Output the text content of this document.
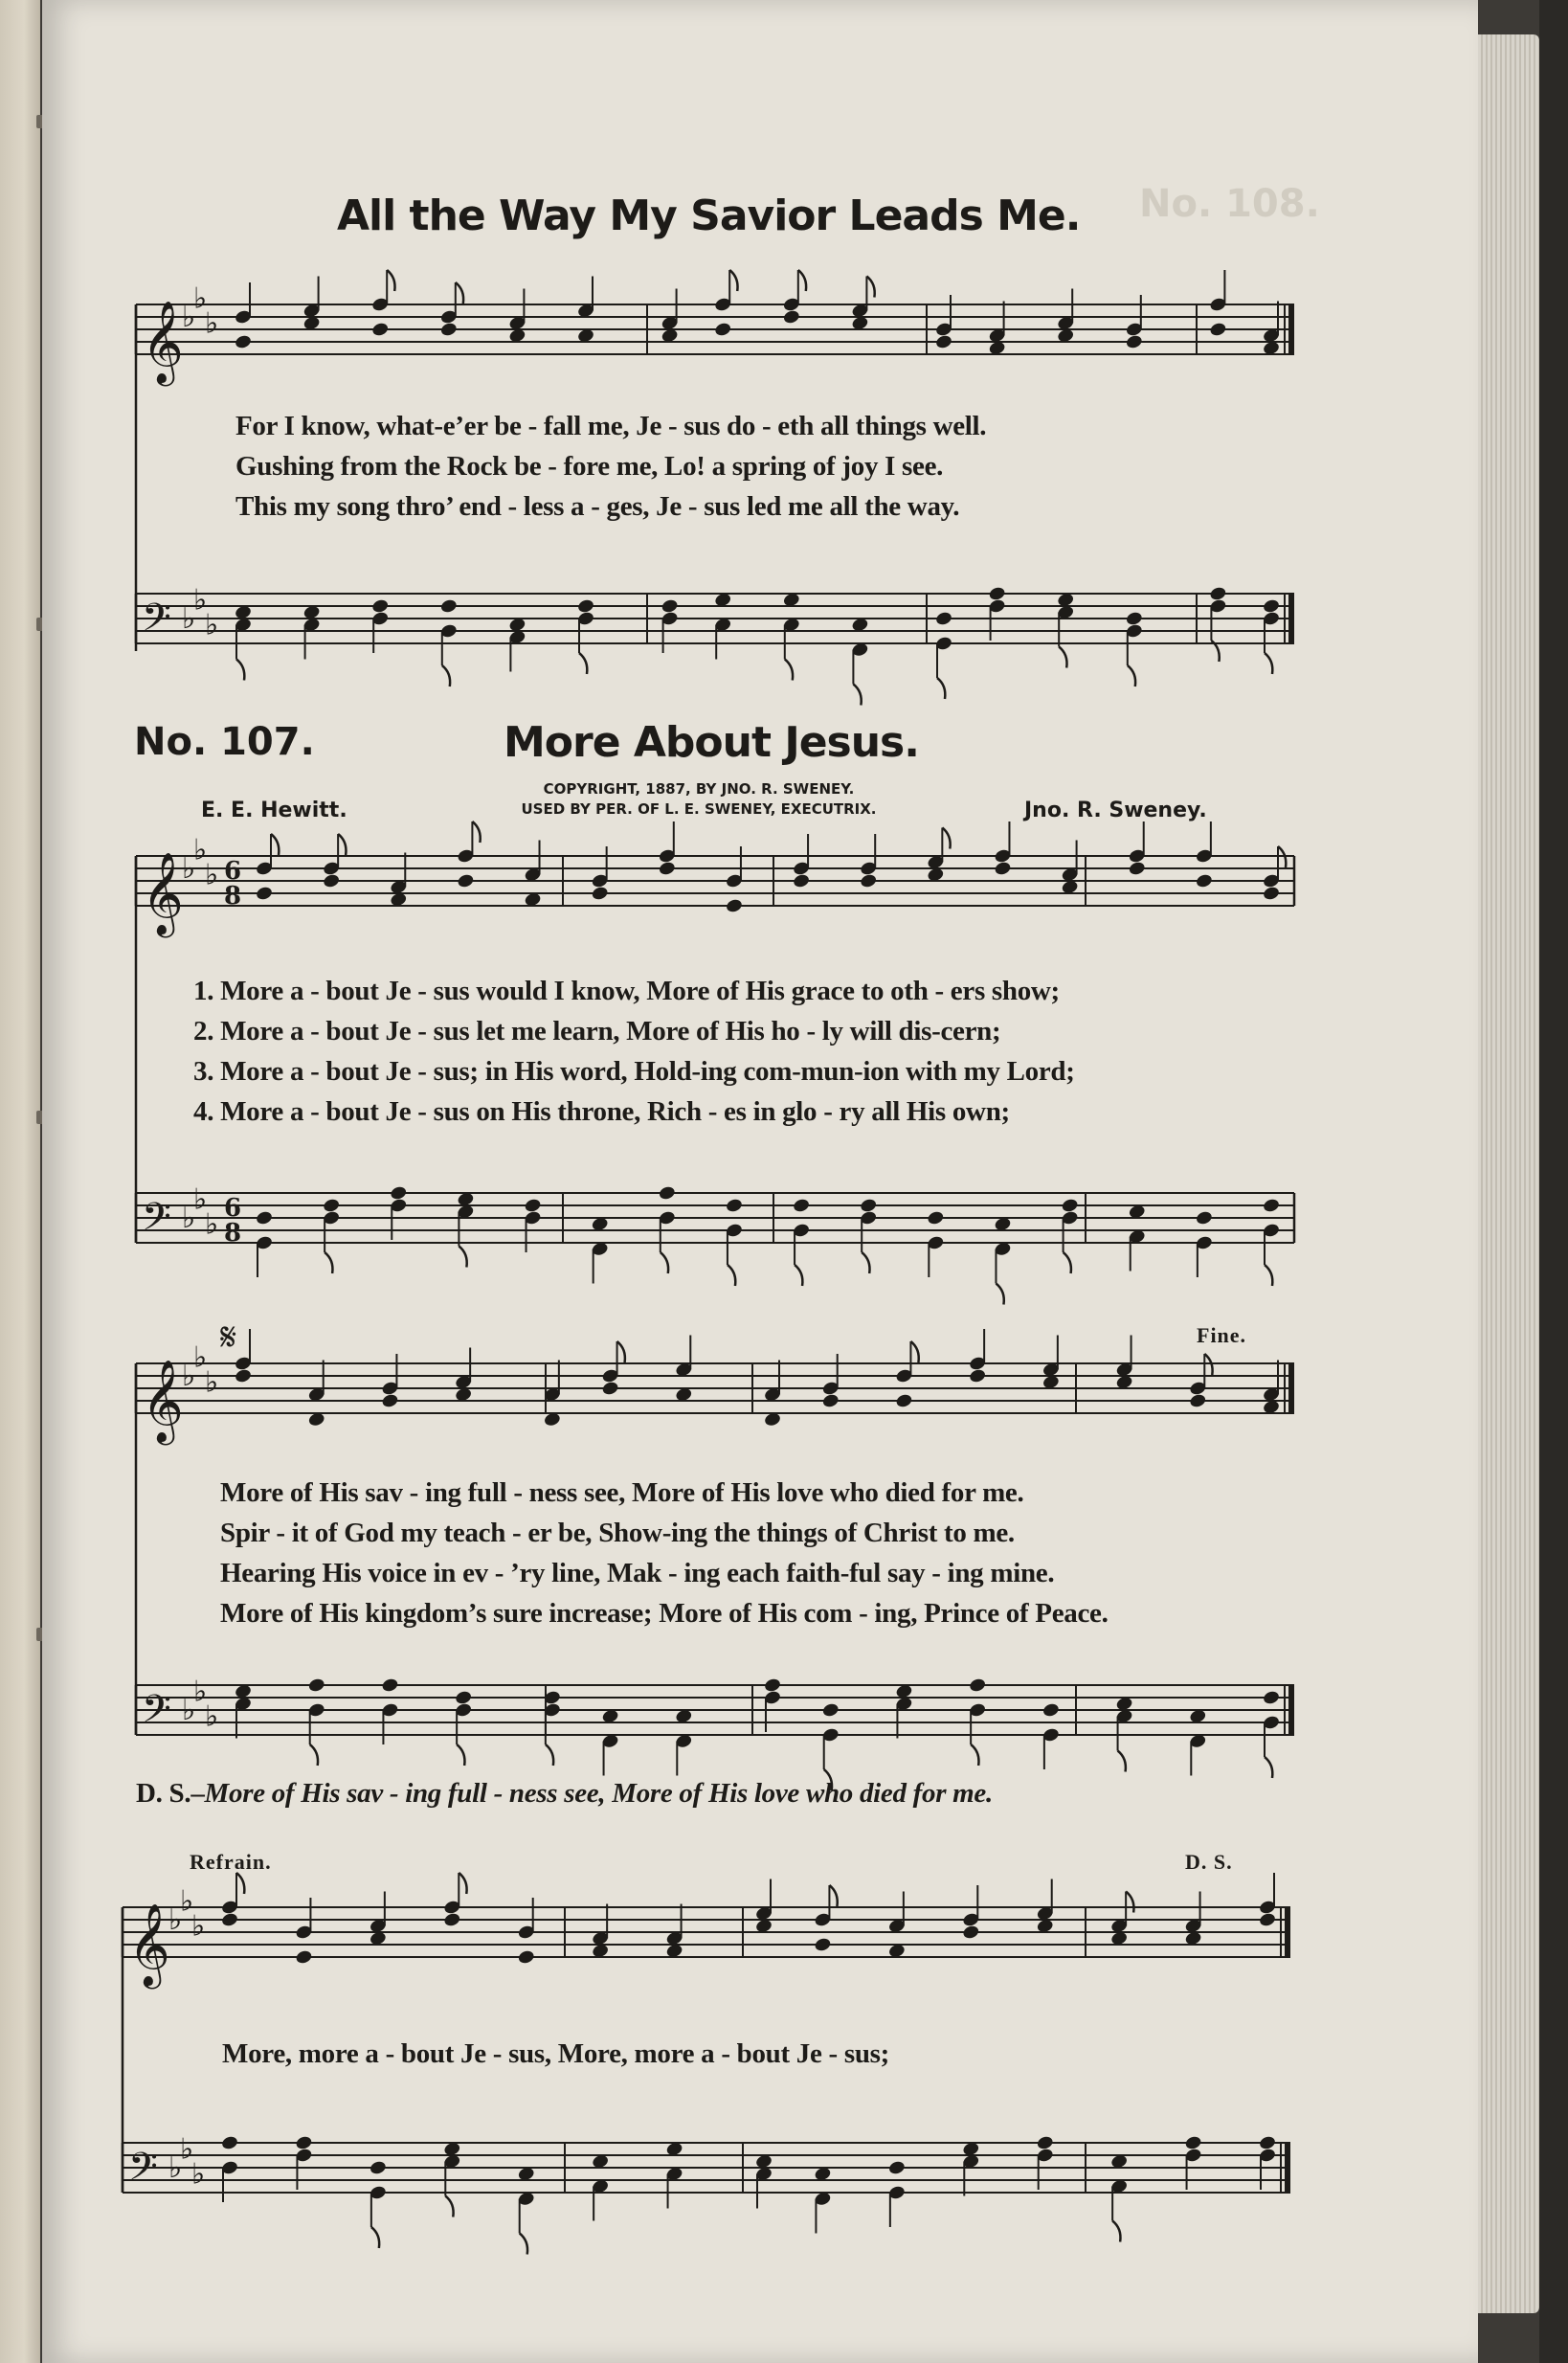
No. 108.
𝄞
♭
♭
♭
𝄢 ♭
♭
♭
𝄞
♭
♭
♭ 6
8
𝄢 ♭
♭
♭ 6
8
𝄞
♭
♭
♭
𝄢 ♭
♭
♭
𝄞
♭
♭
♭
𝄢 ♭
♭
♭
𝄋
All the Way My Savior Leads Me.
For I know, what-e’er be - fall me, Je - sus do - eth all things well.
Gushing from the Rock be - fore me, Lo! a spring of joy I see.
This my song thro’ end - less a - ges, Je - sus led me all the way.
No. 107.	More About Jesus.
COPYRIGHT, 1887, BY JNO. R. SWENEY.
USED BY PER. OF L. E. SWENEY, EXECUTRIX.
E. E. Hewitt.	Jno. R. Sweney.
1. More a - bout Je - sus would I know, More of His grace to oth - ers show;
2. More a - bout Je - sus let me learn, More of His ho - ly will dis-cern;
3. More a - bout Je - sus; in His word, Hold-ing com-mun-ion with my Lord;
4. More a - bout Je - sus on His throne, Rich - es in glo - ry all His own;
Fine.
More of His sav - ing full - ness see, More of His love who died for me.
Spir - it of God my teach - er be, Show-ing the things of Christ to me.
Hearing His voice in ev - ’ry line, Mak - ing each faith-ful say - ing mine.
More of His kingdom’s sure increase; More of His com - ing, Prince of Peace.
D. S.–More of His sav - ing full - ness see, More of His love who died for me.
Refrain.	D. S.
More, more a - bout Je - sus, More, more a - bout Je - sus;
